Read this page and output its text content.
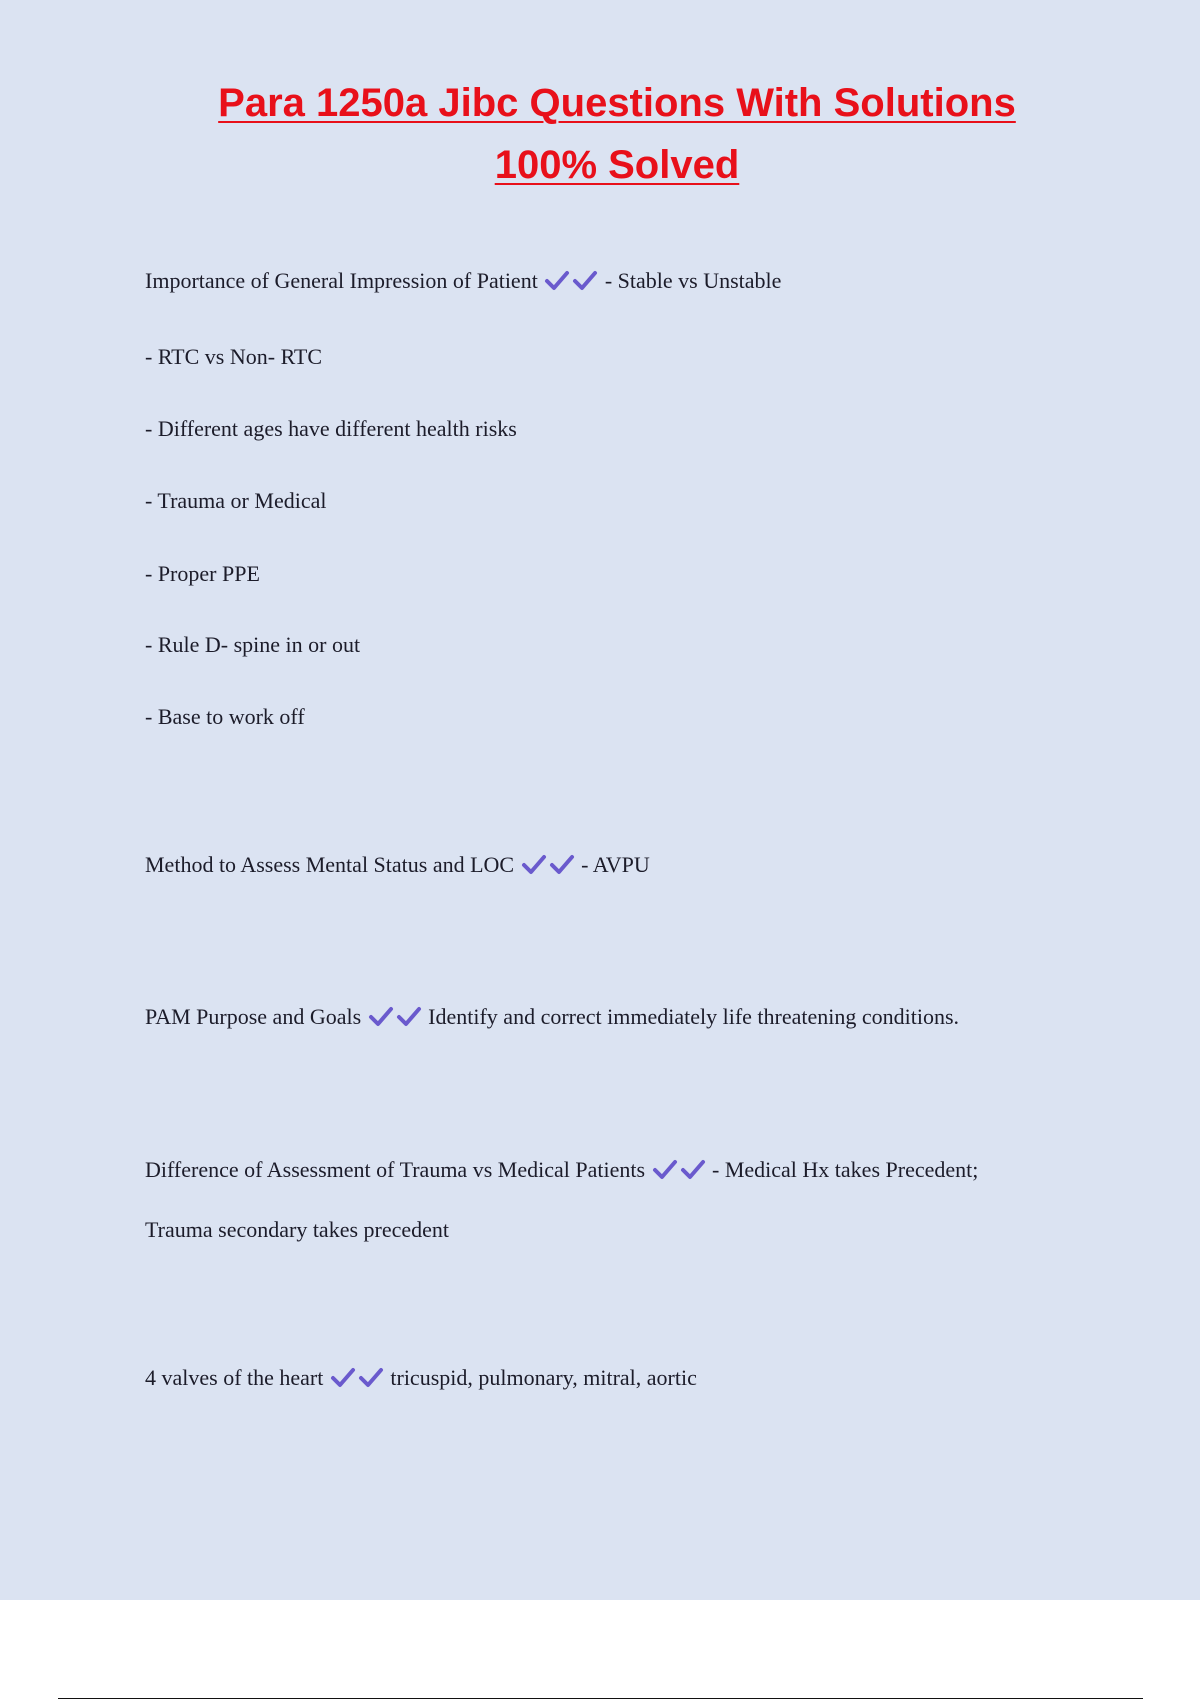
Para 1250a Jibc Questions With Solutions
100% Solved
Importance of General Impression of Patient	- Stable vs Unstable
- RTC vs Non- RTC
- Different ages have different health risks
- Trauma or Medical
- Proper PPE
- Rule D- spine in or out
- Base to work off
Method to Assess Mental Status and LOC	- AVPU
PAM Purpose and Goals	Identify and correct immediately life threatening conditions.
Difference of Assessment of Trauma vs Medical Patients	- Medical Hx takes Precedent;
Trauma secondary takes precedent
4 valves of the heart	tricuspid, pulmonary, mitral, aortic
